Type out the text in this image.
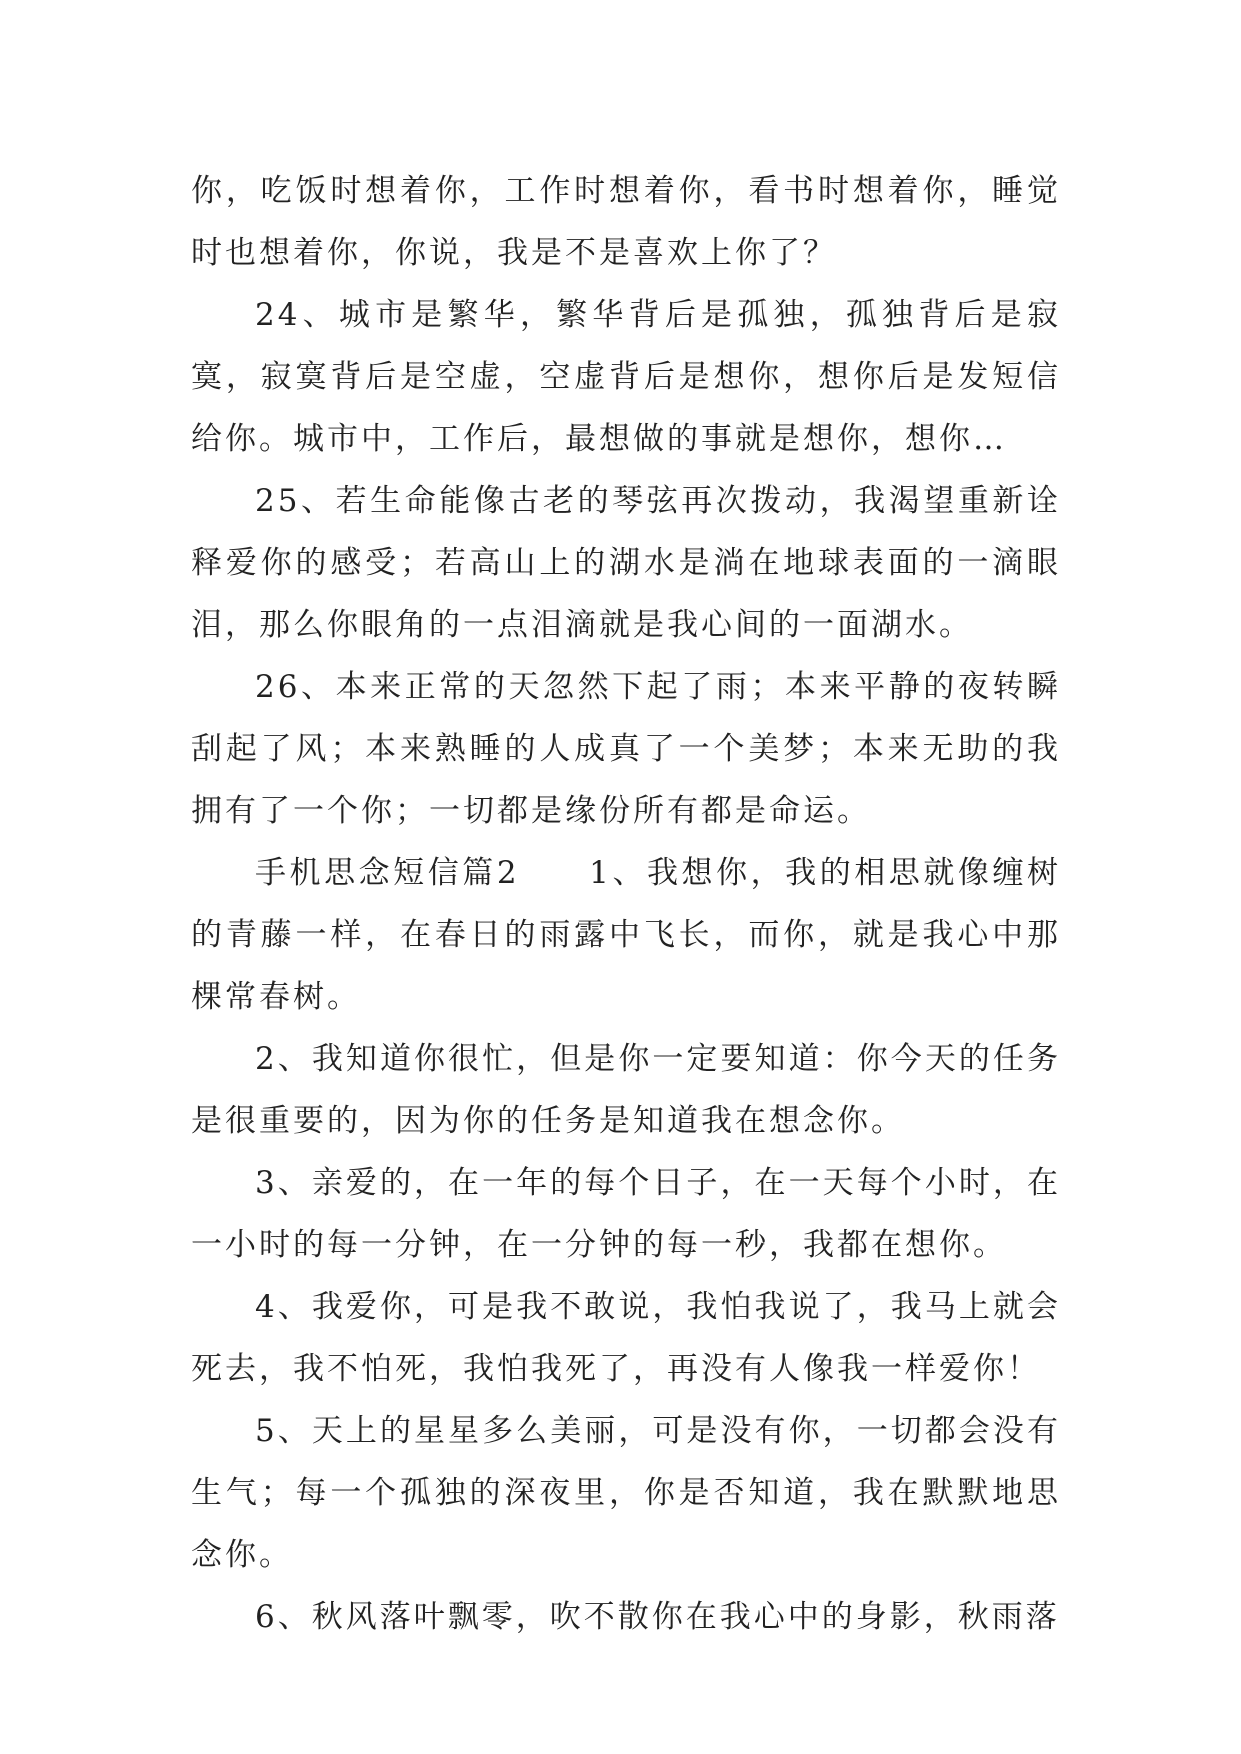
你，吃饭时想着你，工作时想着你，看书时想着你，睡觉时也想着你，你说，我是不是喜欢上你了？

24、城市是繁华，繁华背后是孤独，孤独背后是寂寞，寂寞背后是空虚，空虚背后是想你，想你后是发短信给你。城市中，工作后，最想做的事就是想你，想你…

25、若生命能像古老的琴弦再次拨动，我渴望重新诠释爱你的感受；若高山上的湖水是淌在地球表面的一滴眼泪，那么你眼角的一点泪滴就是我心间的一面湖水。

26、本来正常的天忽然下起了雨；本来平静的夜转瞬刮起了风；本来熟睡的人成真了一个美梦；本来无助的我拥有了一个你；一切都是缘份所有都是命运。

手机思念短信篇2　　1、我想你，我的相思就像缠树的青藤一样，在春日的雨露中飞长，而你，就是我心中那棵常春树。

2、我知道你很忙，但是你一定要知道：你今天的任务是很重要的，因为你的任务是知道我在想念你。

3、亲爱的，在一年的每个日子，在一天每个小时，在一小时的每一分钟，在一分钟的每一秒，我都在想你。

4、我爱你，可是我不敢说，我怕我说了，我马上就会死去，我不怕死，我怕我死了，再没有人像我一样爱你！

5、天上的星星多么美丽，可是没有你，一切都会没有生气；每一个孤独的深夜里，你是否知道，我在默默地思念你。

6、秋风落叶飘零，吹不散你在我心中的身影，秋雨落
